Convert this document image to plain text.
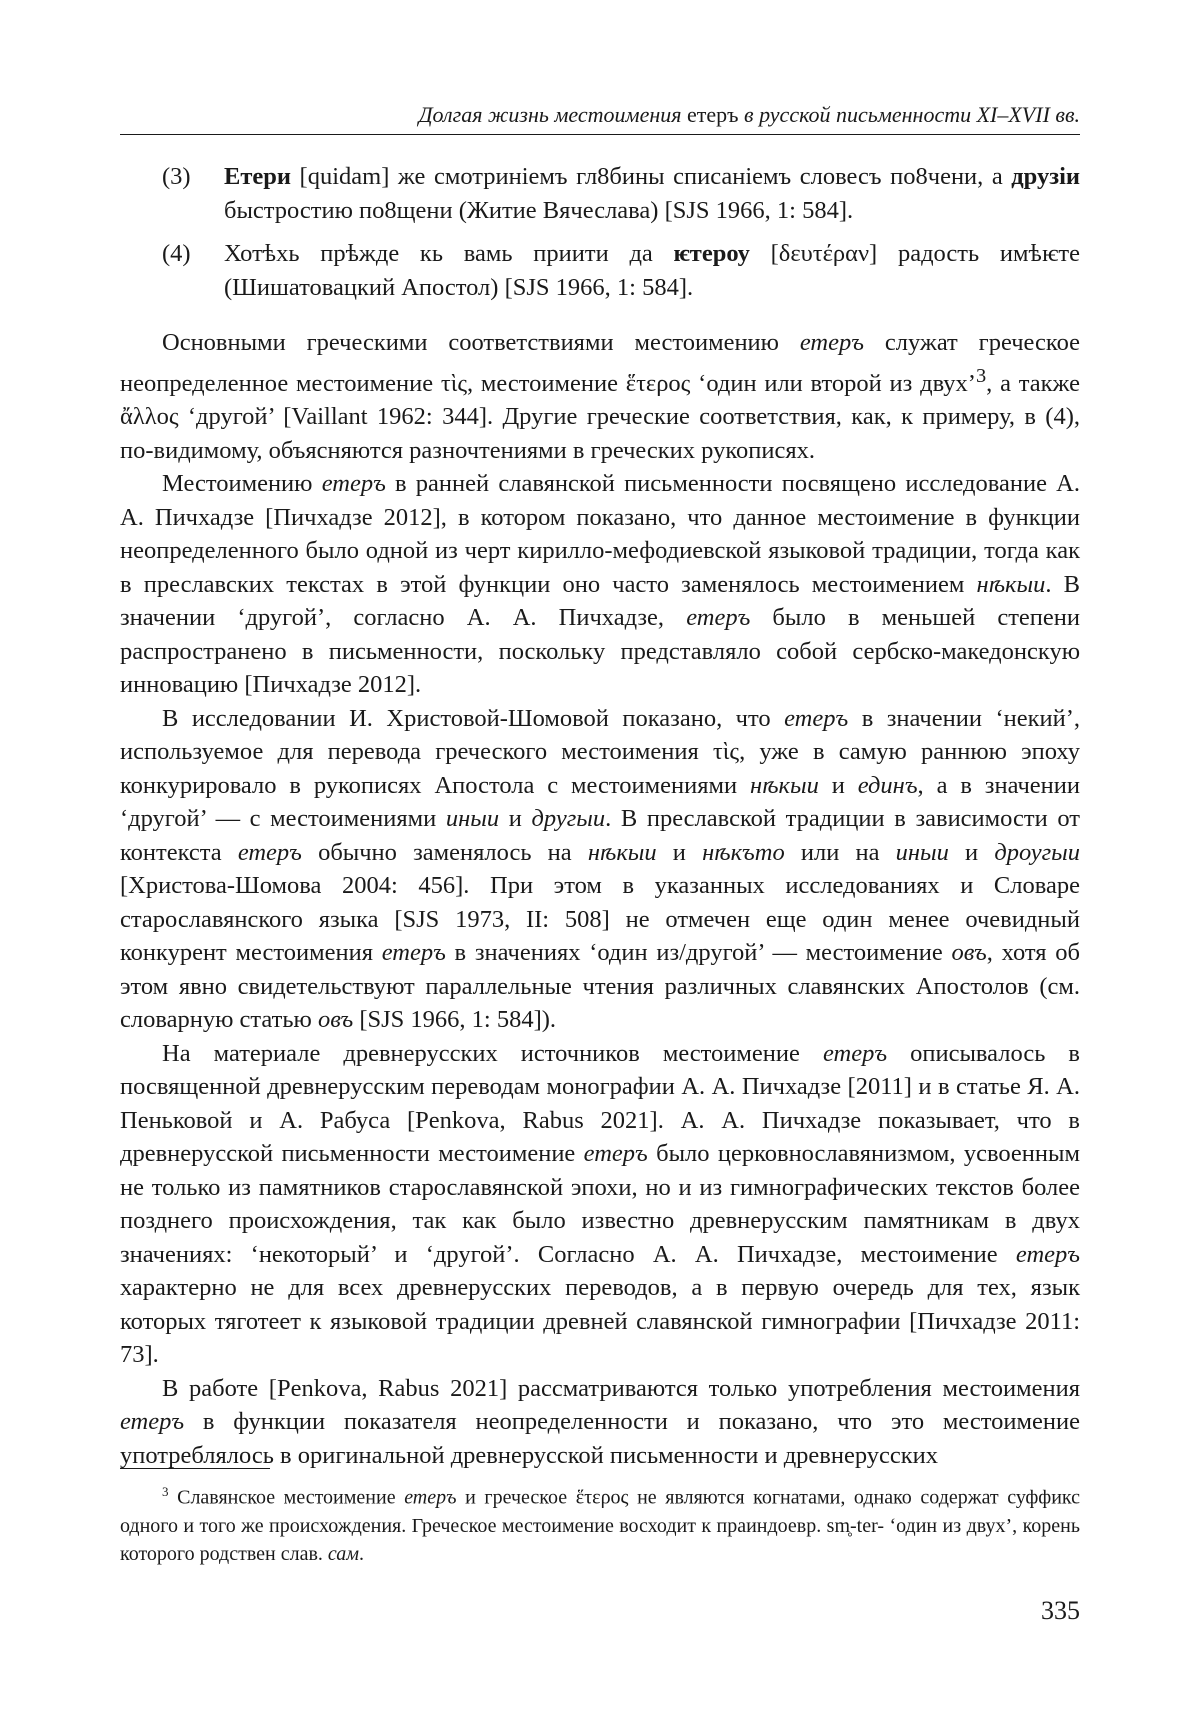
Долгая жизнь местоимения етеръ в русской письменности XI–XVII вв.
(3)	Етери [quidam] же смотриніемъ гл8бины списаніемъ словесъ по8чени, а друзіи быстростию по8щени (Житие Вячеслава) [SJS 1966, 1: 584].
(4)	Хотѣхь прѣжде кь вамь приити да ѥтероу [δευτέραν] радость имѣѥте (Шишатовацкий Апостол) [SJS 1966, 1: 584].

Основными греческими соответствиями местоимению етеръ служат греческое неопределенное местоимение τὶς, местоимение ἕτερος ‘один или второй из двух’$^3$, а также ἄλλος ‘другой’ [Vaillant 1962: 344]. Другие греческие соответствия, как, к примеру, в (4), по-видимому, объясняются разночтениями в греческих рукописях.

Местоимению етеръ в ранней славянской письменности посвящено исследование А. А. Пичхадзе [Пичхадзе 2012], в котором показано, что данное местоимение в функции неопределенного было одной из черт кирилло-мефодиевской языковой традиции, тогда как в преславских текстах в этой функции оно часто заменялось местоимением нѣкыи. В значении ‘другой’, согласно А. А. Пичхадзе, етеръ было в меньшей степени распространено в письменности, поскольку представляло собой сербско-македонскую инновацию [Пичхадзе 2012].

В исследовании И. Христовой-Шомовой показано, что етеръ в значении ‘некий’, используемое для перевода греческого местоимения τὶς, уже в самую раннюю эпоху конкурировало в рукописях Апостола с местоимениями нѣкыи и единъ, а в значении ‘другой’ — с местоимениями иныи и другыи. В преславской традиции в зависимости от контекста етеръ обычно заменялось на нѣкыи и нѣкъто или на иныи и дроугыи [Христова-Шомова 2004: 456]. При этом в указанных исследованиях и Словаре старославянского языка [SJS 1973, II: 508] не отмечен еще один менее очевидный конкурент местоимения етеръ в значениях ‘один из/другой’ — местоимение овъ, хотя об этом явно свидетельствуют параллельные чтения различных славянских Апостолов (см. словарную статью овъ [SJS 1966, 1: 584]).

На материале древнерусских источников местоимение етеръ описывалось в посвященной древнерусским переводам монографии А. А. Пичхадзе [2011] и в статье Я. А. Пеньковой и А. Рабуса [Penkova, Rabus 2021]. А. А. Пичхадзе показывает, что в древнерусской письменности местоимение етеръ было церковнославянизмом, усвоенным не только из памятников старославянской эпохи, но и из гимнографических текстов более позднего происхождения, так как было известно древнерусским памятникам в двух значениях: ‘некоторый’ и ‘другой’. Согласно А. А. Пичхадзе, местоимение етеръ характерно не для всех древнерусских переводов, а в первую очередь для тех, язык которых тяготеет к языковой традиции древней славянской гимнографии [Пичхадзе 2011: 73].

В работе [Penkova, Rabus 2021] рассматриваются только употребления местоимения етеръ в функции показателя неопределенности и показано, что это местоимение употреблялось в оригинальной древнерусской письменности и древнерусских

$^3$ Славянское местоимение етеръ и греческое ἕτερος не являются когнатами, однако содержат суффикс одного и того же происхождения. Греческое местоимение восходит к праиндоевр. sm̥-ter- ‘один из двух’, корень которого родствен слав. сам.
335
